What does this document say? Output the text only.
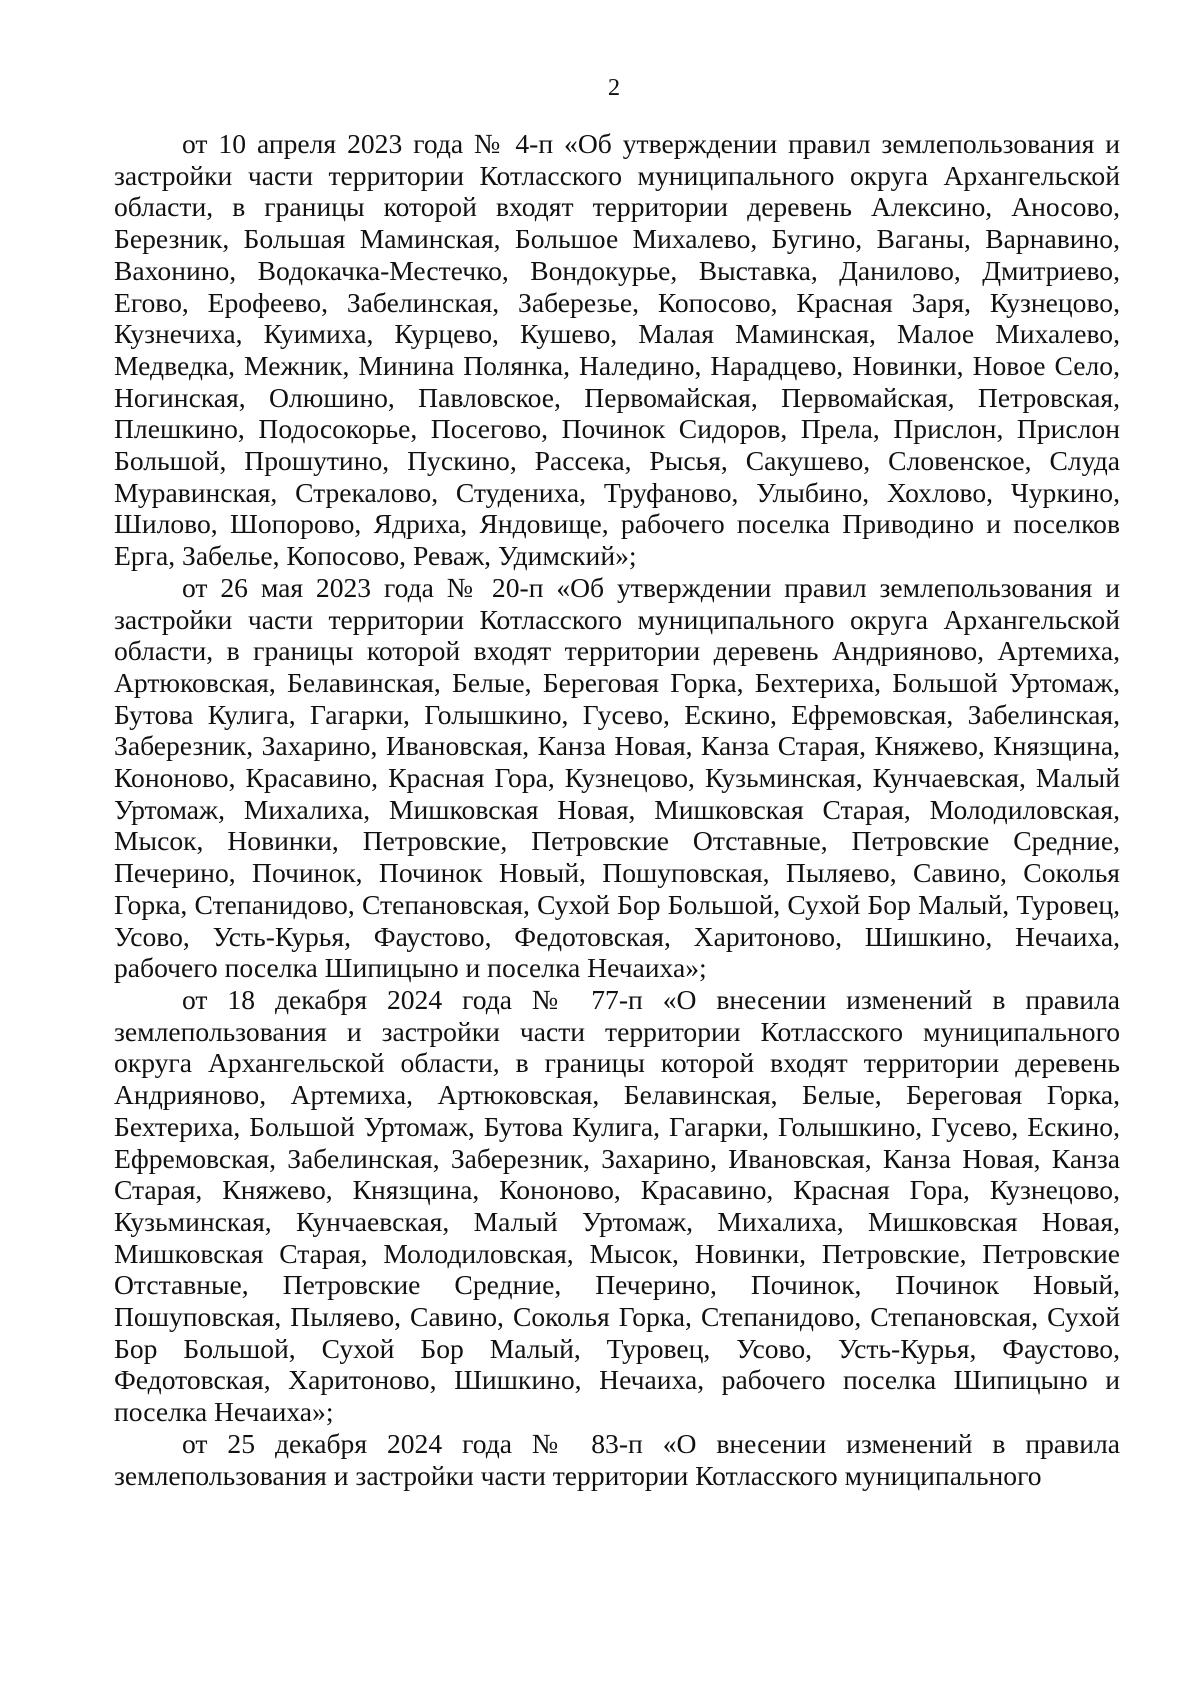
2

от 10 апреля 2023 года № 4-п «Об утверждении правил землепользования и застройки части территории Котласского муниципального округа Архангельской области, в границы которой входят территории деревень Алексино, Аносово, Березник, Большая Маминская, Большое Михалево, Бугино, Ваганы, Варнавино, Вахонино, Водокачка-Местечко, Вондокурье, Выставка, Данилово, Дмитриево, Егово, Ерофеево, Забелинская, Заберезье, Копосово, Красная Заря, Кузнецово, Кузнечиха, Куимиха, Курцево, Кушево, Малая Маминская, Малое Михалево, Медведка, Межник, Минина Полянка, Наледино, Нарадцево, Новинки, Новое Село, Ногинская, Олюшино, Павловское, Первомайская, Первомайская, Петровская, Плешкино, Подосокорье, Посегово, Починок Сидоров, Прела, Прислон, Прислон Большой, Прошутино, Пускино, Рассека, Рысья, Сакушево, Словенское, Слуда Муравинская, Стрекалово, Студениха, Труфаново, Улыбино, Хохлово, Чуркино, Шилово, Шопорово, Ядриха, Яндовище, рабочего поселка Приводино и поселков Ерга, Забелье, Копосово, Реваж, Удимский»;

от 26 мая 2023 года № 20-п «Об утверждении правил землепользования и застройки части территории Котласского муниципального округа Архангельской области, в границы которой входят территории деревень Андрияново, Артемиха, Артюковская, Белавинская, Белые, Береговая Горка, Бехтериха, Большой Уртомаж, Бутова Кулига, Гагарки, Голышкино, Гусево, Ескино, Ефремовская, Забелинская, Заберезник, Захарино, Ивановская, Канза Новая, Канза Старая, Княжево, Князщина, Кононово, Красавино, Красная Гора, Кузнецово, Кузьминская, Кунчаевская, Малый Уртомаж, Михалиха, Мишковская Новая, Мишковская Старая, Молодиловская, Мысок, Новинки, Петровские, Петровские Отставные, Петровские Средние, Печерино, Починок, Починок Новый, Пошуповская, Пыляево, Савино, Соколья Горка, Степанидово, Степановская, Сухой Бор Большой, Сухой Бор Малый, Туровец, Усово, Усть-Курья, Фаустово, Федотовская, Харитоново, Шишкино, Нечаиха, рабочего поселка Шипицыно и поселка Нечаиха»;

от 18 декабря 2024 года № 77-п «О внесении изменений в правила землепользования и застройки части территории Котласского муниципального округа Архангельской области, в границы которой входят территории деревень Андрияново, Артемиха, Артюковская, Белавинская, Белые, Береговая Горка, Бехтериха, Большой Уртомаж, Бутова Кулига, Гагарки, Голышкино, Гусево, Ескино, Ефремовская, Забелинская, Заберезник, Захарино, Ивановская, Канза Новая, Канза Старая, Княжево, Князщина, Кононово, Красавино, Красная Гора, Кузнецово, Кузьминская, Кунчаевская, Малый Уртомаж, Михалиха, Мишковская Новая, Мишковская Старая, Молодиловская, Мысок, Новинки, Петровские, Петровские Отставные, Петровские Средние, Печерино, Починок, Починок Новый, Пошуповская, Пыляево, Савино, Соколья Горка, Степанидово, Степановская, Сухой Бор Большой, Сухой Бор Малый, Туровец, Усово, Усть-Курья, Фаустово, Федотовская, Харитоново, Шишкино, Нечаиха, рабочего поселка Шипицыно и поселка Нечаиха»;

от 25 декабря 2024 года № 83-п «О внесении изменений в правила землепользования и застройки части территории Котласского муниципального
